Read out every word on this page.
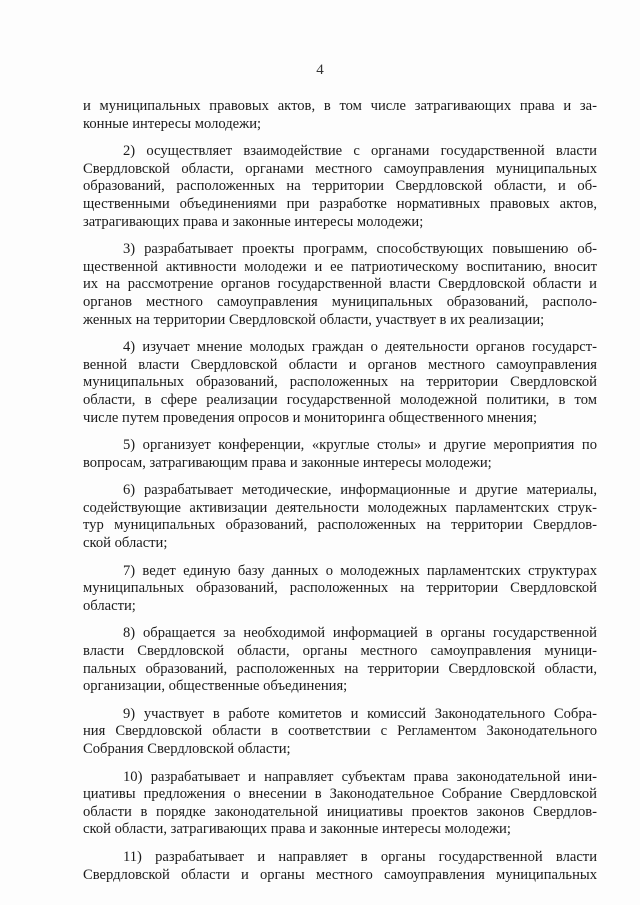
4
и муниципальных правовых актов, в том числе затрагивающих права и за-
конные интересы молодежи;
2) осуществляет взаимодействие с органами государственной власти
Свердловской области, органами местного самоуправления муниципальных
образований, расположенных на территории Свердловской области, и об-
щественными объединениями при разработке нормативных правовых актов,
затрагивающих права и законные интересы молодежи;
3) разрабатывает проекты программ, способствующих повышению об-
щественной активности молодежи и ее патриотическому воспитанию, вносит
их на рассмотрение органов государственной власти Свердловской области и
органов местного самоуправления муниципальных образований, располо-
женных на территории Свердловской области, участвует в их реализации;
4) изучает мнение молодых граждан о деятельности органов государст-
венной власти Свердловской области и органов местного самоуправления
муниципальных образований, расположенных на территории Свердловской
области, в сфере реализации государственной молодежной политики, в том
числе путем проведения опросов и мониторинга общественного мнения;
5) организует конференции, «круглые столы» и другие мероприятия по
вопросам, затрагивающим права и законные интересы молодежи;
6) разрабатывает методические, информационные и другие материалы,
содействующие активизации деятельности молодежных парламентских струк-
тур муниципальных образований, расположенных на территории Свердлов-
ской области;
7) ведет единую базу данных о молодежных парламентских структурах
муниципальных образований, расположенных на территории Свердловской
области;
8) обращается за необходимой информацией в органы государственной
власти Свердловской области, органы местного самоуправления муници-
пальных образований, расположенных на территории Свердловской области,
организации, общественные объединения;
9) участвует в работе комитетов и комиссий Законодательного Собра-
ния Свердловской области в соответствии с Регламентом Законодательного
Собрания Свердловской области;
10) разрабатывает и направляет субъектам права законодательной ини-
циативы предложения о внесении в Законодательное Собрание Свердловской
области в порядке законодательной инициативы проектов законов Свердлов-
ской области, затрагивающих права и законные интересы молодежи;
11) разрабатывает и направляет в органы государственной власти
Свердловской области и органы местного самоуправления муниципальных
